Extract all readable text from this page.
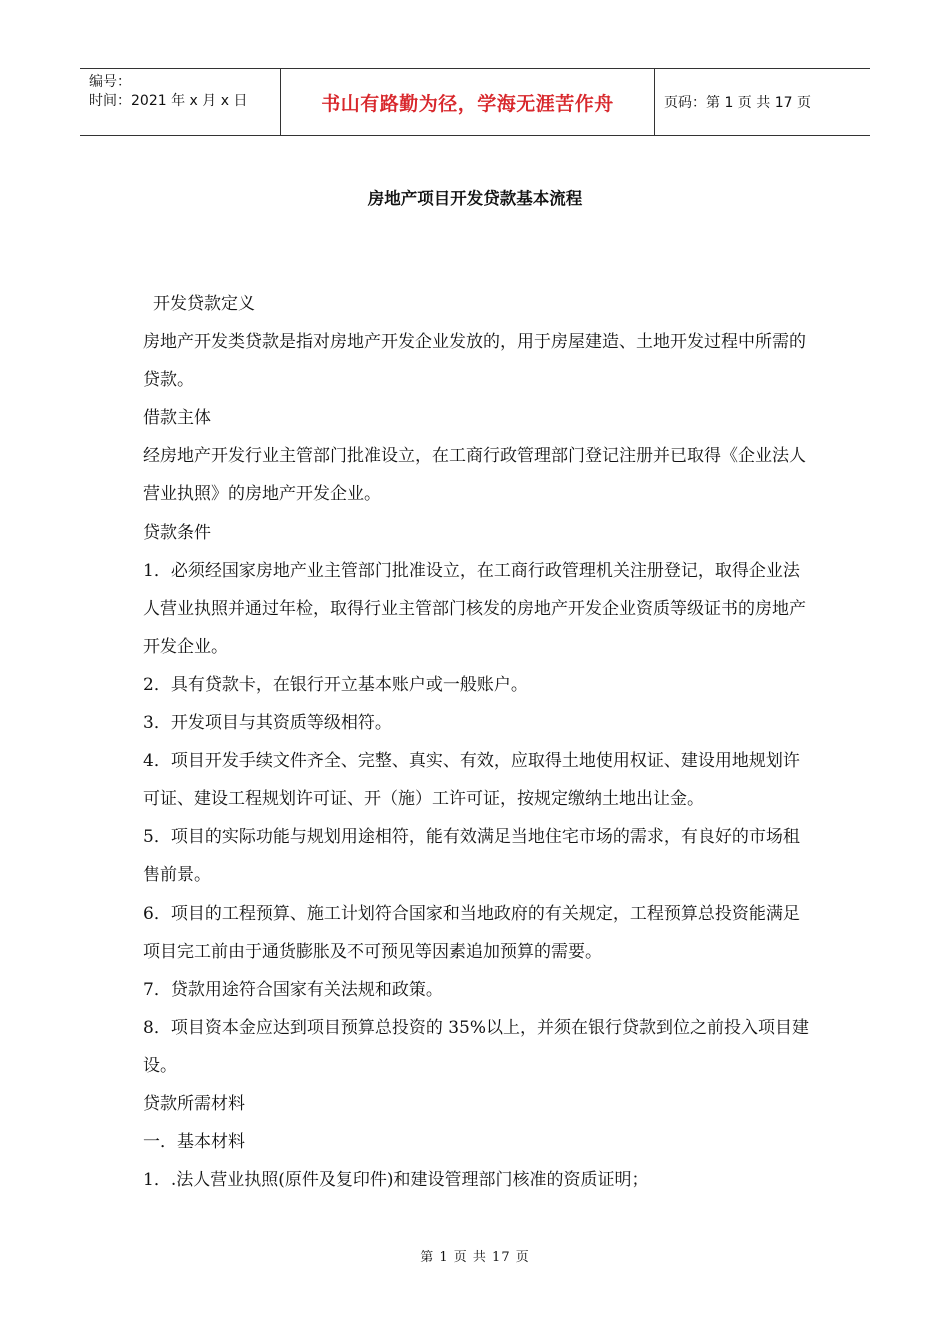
编号：
时间：2021 年 x 月 x 日	书山有路勤为径，学海无涯苦作舟	页码：第 1 页 共 17 页
房地产项目开发贷款基本流程

开发贷款定义

房地产开发类贷款是指对房地产开发企业发放的，用于房屋建造、土地开发过程中所需的贷款。

借款主体

经房地产开发行业主管部门批准设立，在工商行政管理部门登记注册并已取得《企业法人营业执照》的房地产开发企业。

贷款条件

1．必须经国家房地产业主管部门批准设立，在工商行政管理机关注册登记，取得企业法人营业执照并通过年检，取得行业主管部门核发的房地产开发企业资质等级证书的房地产开发企业。

2．具有贷款卡，在银行开立基本账户或一般账户。

3．开发项目与其资质等级相符。

4．项目开发手续文件齐全、完整、真实、有效，应取得土地使用权证、建设用地规划许可证、建设工程规划许可证、开（施）工许可证，按规定缴纳土地出让金。

5．项目的实际功能与规划用途相符，能有效满足当地住宅市场的需求，有良好的市场租售前景。

6．项目的工程预算、施工计划符合国家和当地政府的有关规定，工程预算总投资能满足项目完工前由于通货膨胀及不可预见等因素追加预算的需要。

7．贷款用途符合国家有关法规和政策。

8．项目资本金应达到项目预算总投资的 35%以上，并须在银行贷款到位之前投入项目建设。

贷款所需材料

一．基本材料

1．.法人营业执照(原件及复印件)和建设管理部门核准的资质证明；

第 1 页 共 17 页
